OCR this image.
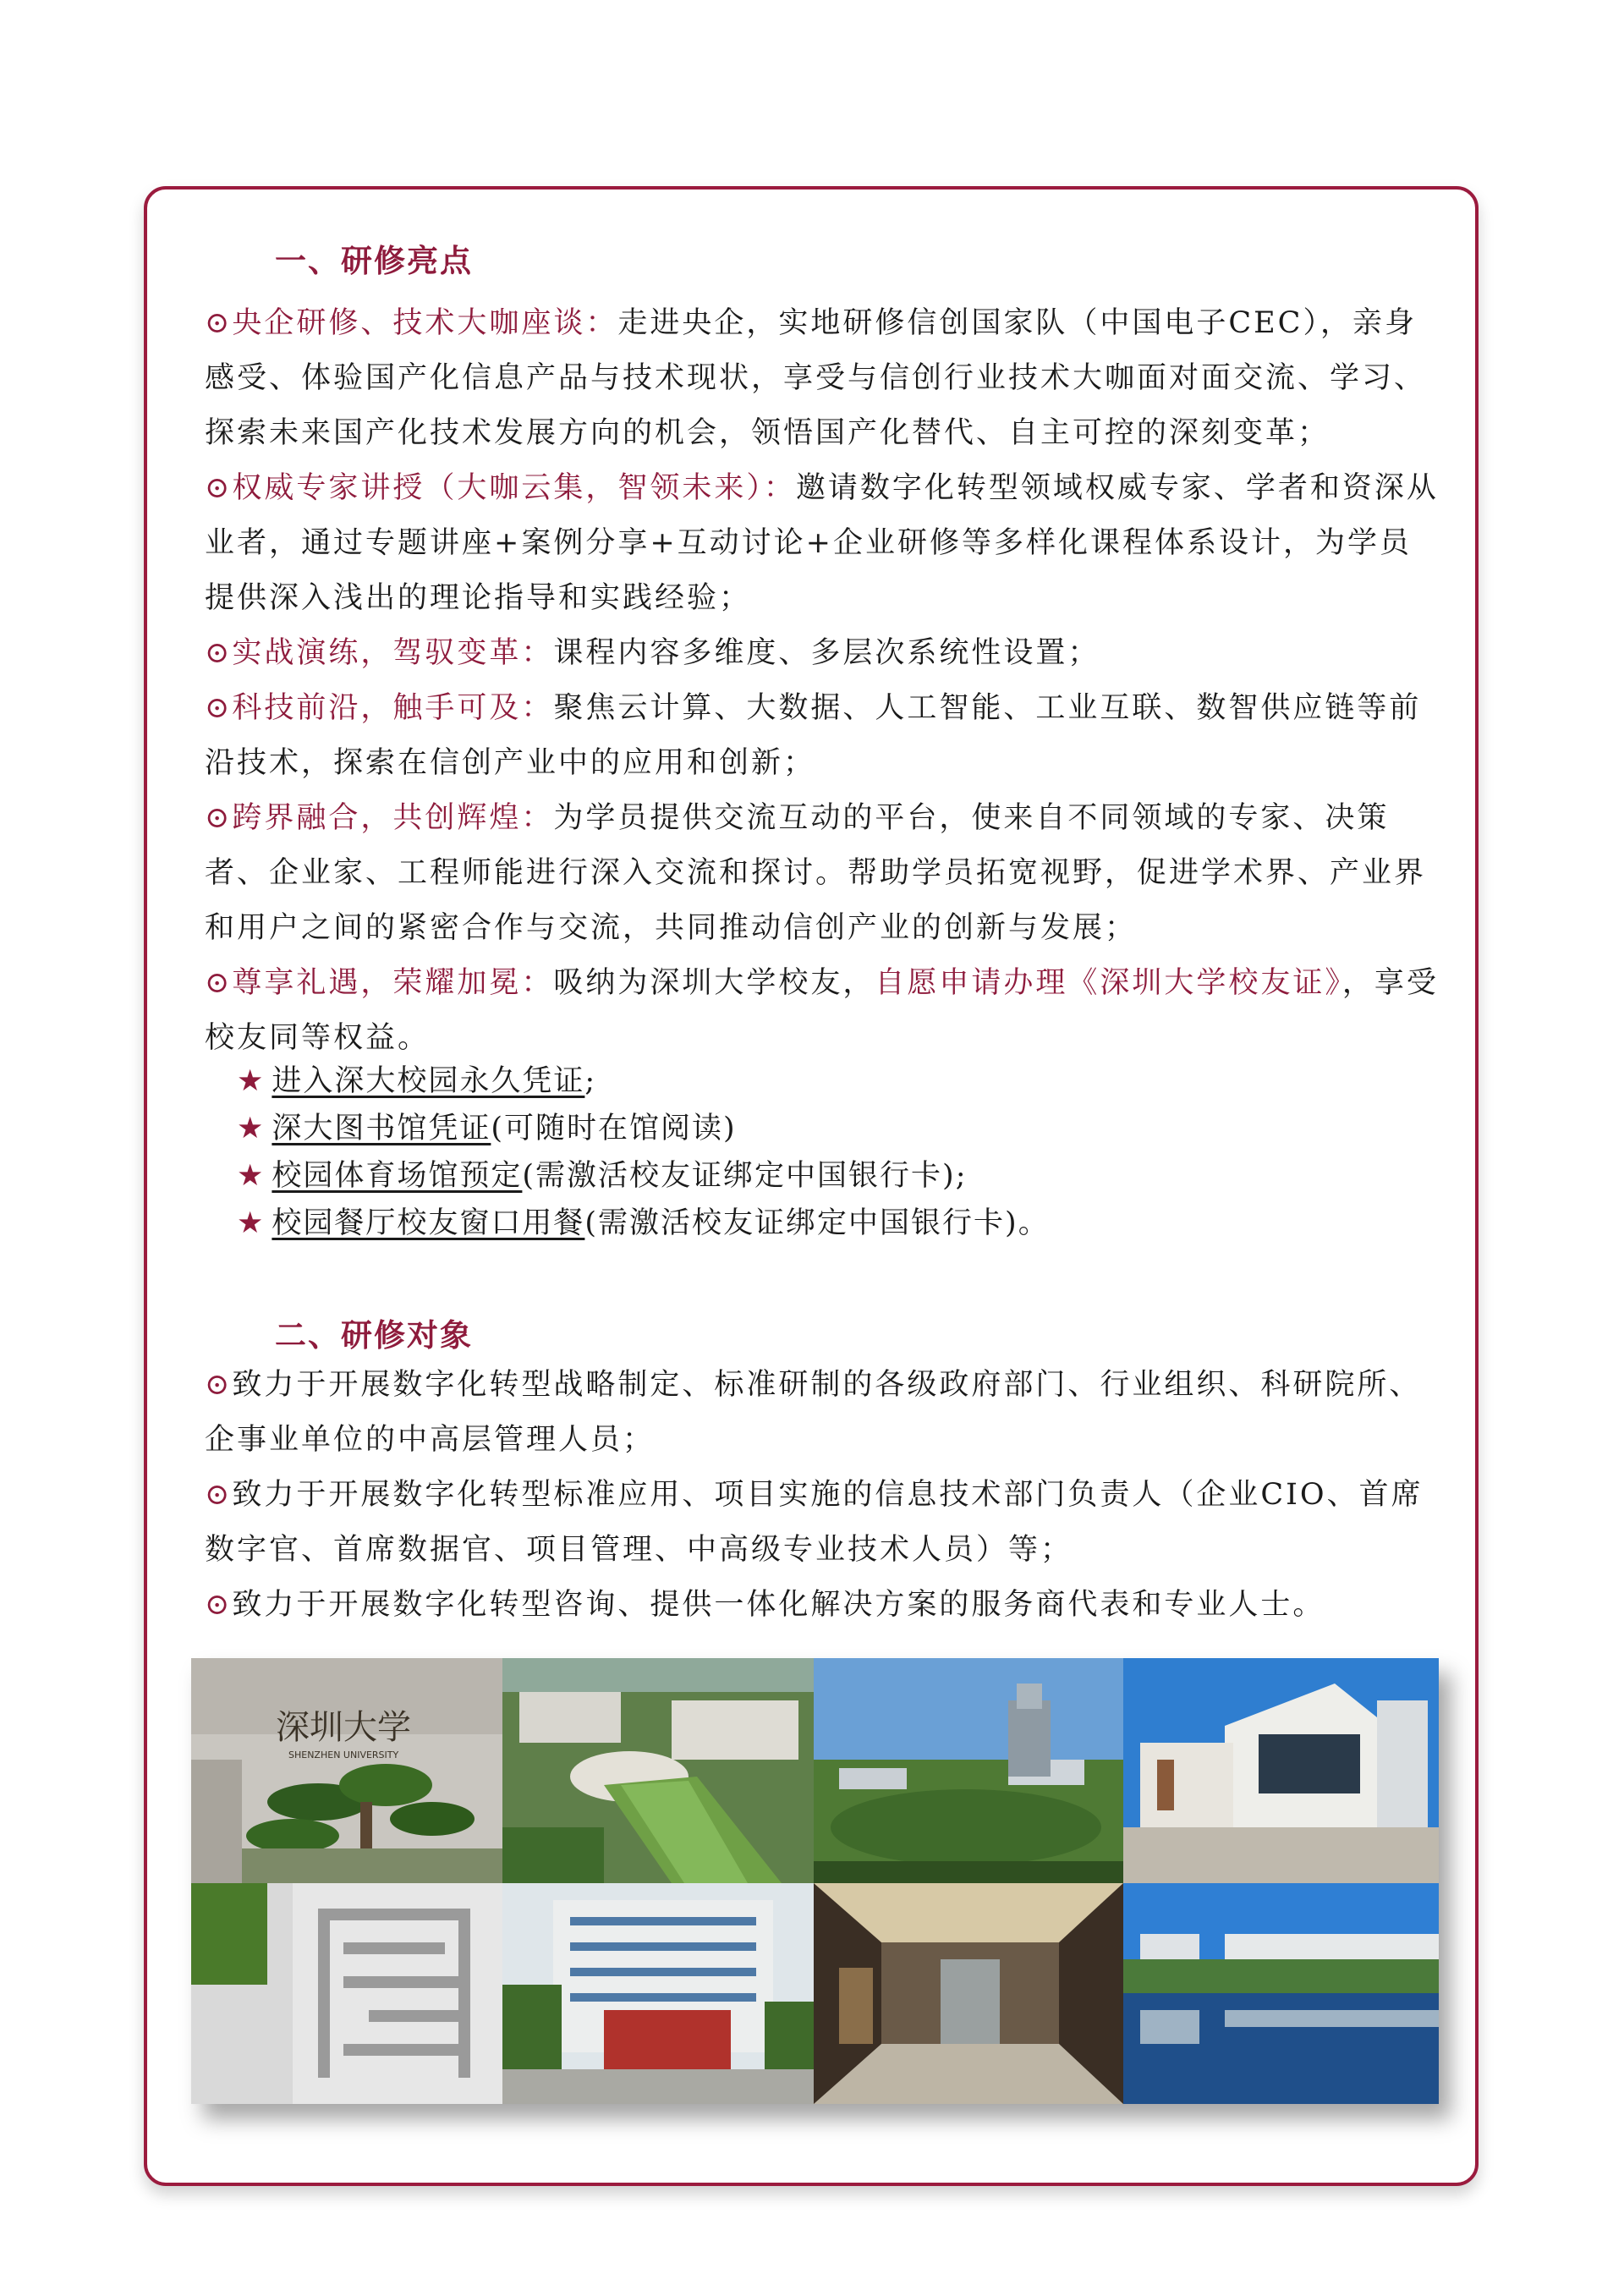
一、研修亮点

⊙央企研修、技术大咖座谈：走进央企，实地研修信创国家队（中国电子CEC），亲身感受、体验国产化信息产品与技术现状，享受与信创行业技术大咖面对面交流、学习、探索未来国产化技术发展方向的机会，领悟国产化替代、自主可控的深刻变革；

⊙权威专家讲授（大咖云集，智领未来）：邀请数字化转型领域权威专家、学者和资深从业者，通过专题讲座+案例分享+互动讨论+企业研修等多样化课程体系设计，为学员提供深入浅出的理论指导和实践经验；

⊙实战演练，驾驭变革：课程内容多维度、多层次系统性设置；

⊙科技前沿，触手可及：聚焦云计算、大数据、人工智能、工业互联、数智供应链等前沿技术，探索在信创产业中的应用和创新；

⊙跨界融合，共创辉煌：为学员提供交流互动的平台，使来自不同领域的专家、决策者、企业家、工程师能进行深入交流和探讨。帮助学员拓宽视野，促进学术界、产业界和用户之间的紧密合作与交流，共同推动信创产业的创新与发展；

⊙尊享礼遇，荣耀加冕：吸纳为深圳大学校友，自愿申请办理《深圳大学校友证》，享受校友同等权益。

★ 进入深大校园永久凭证;
★ 深大图书馆凭证(可随时在馆阅读)
★ 校园体育场馆预定(需激活校友证绑定中国银行卡);
★ 校园餐厅校友窗口用餐(需激活校友证绑定中国银行卡)。
二、研修对象

⊙致力于开展数字化转型战略制定、标准研制的各级政府部门、行业组织、科研院所、企事业单位的中高层管理人员；

⊙致力于开展数字化转型标准应用、项目实施的信息技术部门负责人（企业CIO、首席数字官、首席数据官、项目管理、中高级专业技术人员）等；

⊙致力于开展数字化转型咨询、提供一体化解决方案的服务商代表和专业人士。

深圳大学
SHENZHEN UNIVERSITY
